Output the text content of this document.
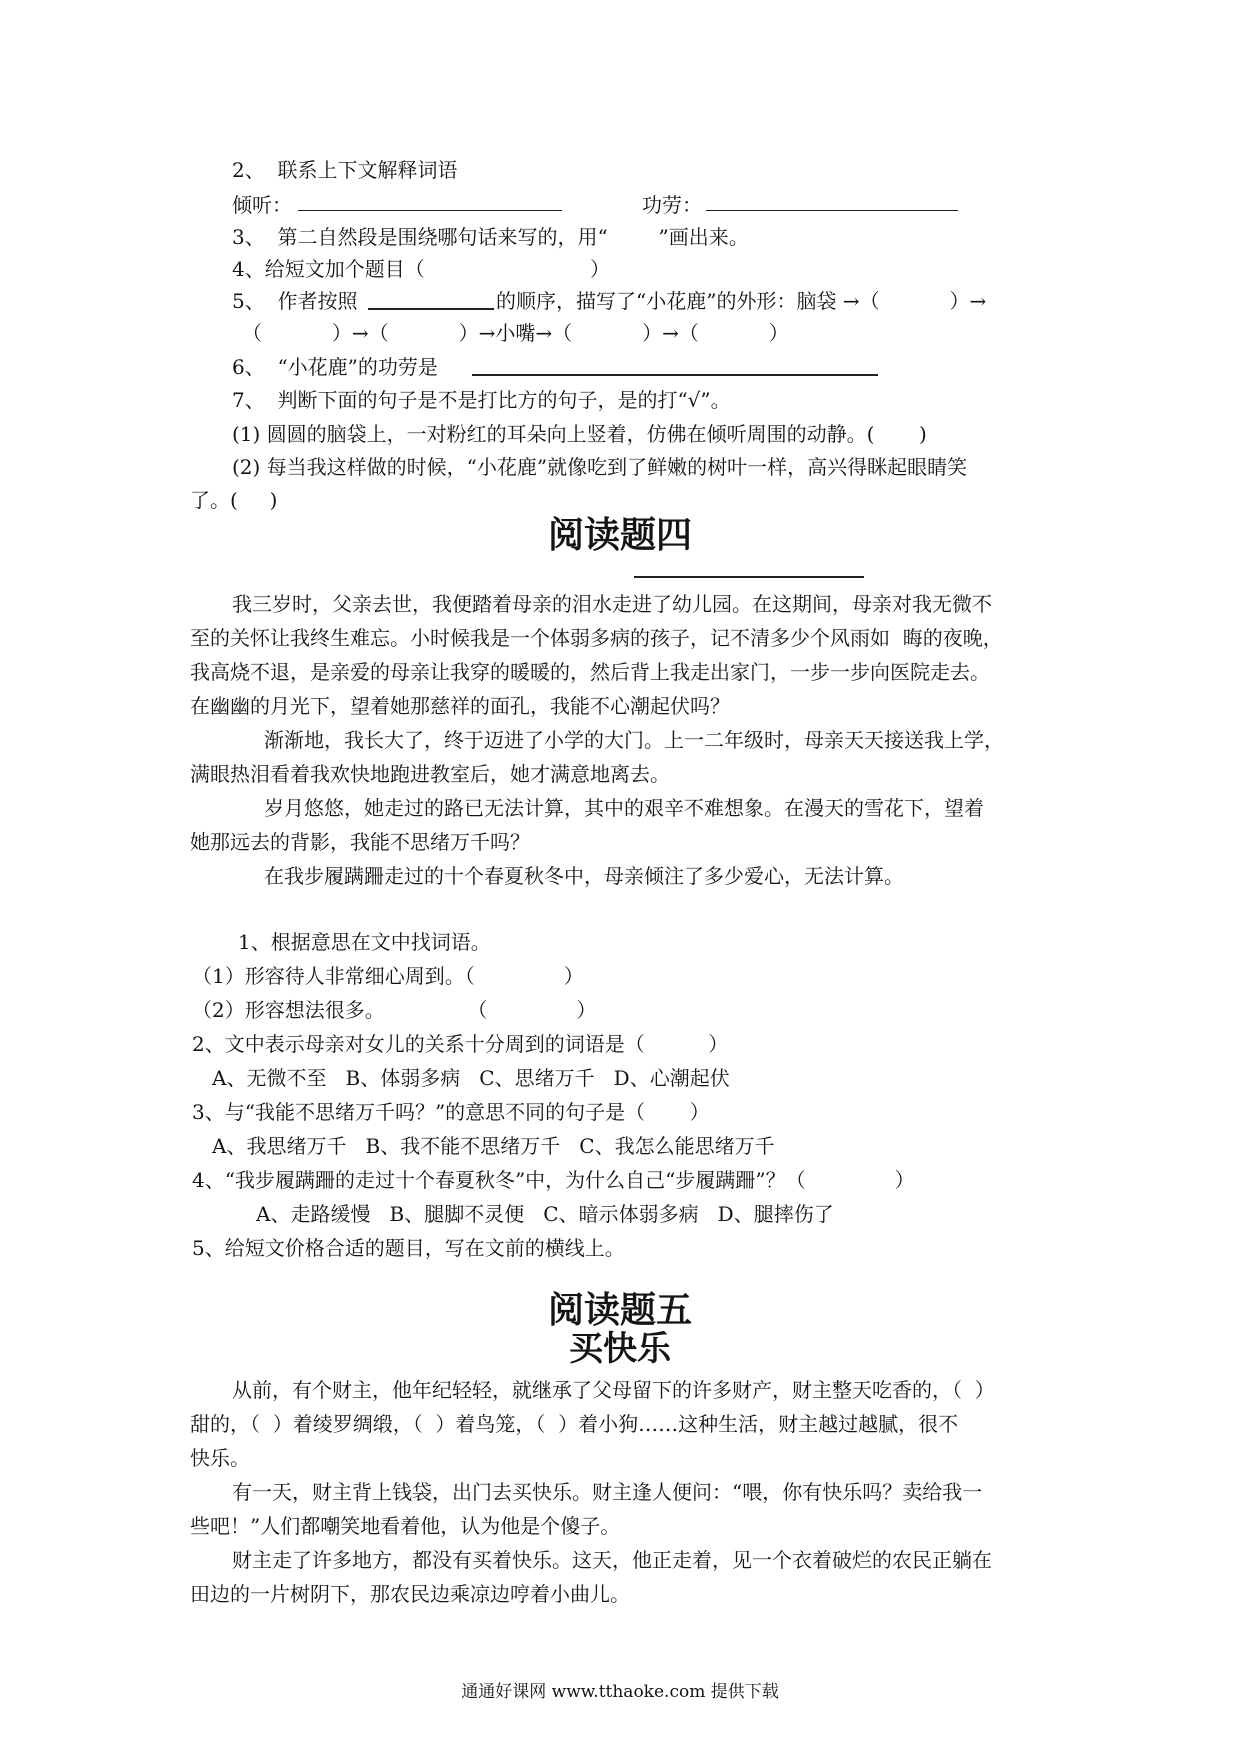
2、  联系上下文解释词语
倾听：	功劳：
3、  第二自然段是围绕哪句话来写的，用“        ”画出来。
4、给短文加个题目（                          ）
5、  作者按照	的顺序，描写了“小花鹿”的外形：脑袋 →（           ）→
（           ）→（           ）→小嘴→（           ）→（           ）
6、  “小花鹿”的功劳是
7、  判断下面的句子是不是打比方的句子，是的打“√”。
(1) 圆圆的脑袋上，一对粉红的耳朵向上竖着，仿佛在倾听周围的动静。(       )
(2) 每当我这样做的时候，“小花鹿”就像吃到了鲜嫩的树叶一样，高兴得眯起眼睛笑
了。(     )
阅读题四
我三岁时，父亲去世，我便踏着母亲的泪水走进了幼儿园。在这期间，母亲对我无微不
至的关怀让我终生难忘。小时候我是一个体弱多病的孩子，记不清多少个风雨如  晦的夜晚，
我高烧不退，是亲爱的母亲让我穿的暖暖的，然后背上我走出家门，一步一步向医院走去。
在幽幽的月光下，望着她那慈祥的面孔，我能不心潮起伏吗？
渐渐地，我长大了，终于迈进了小学的大门。上一二年级时，母亲天天接送我上学，
满眼热泪看着我欢快地跑进教室后，她才满意地离去。
岁月悠悠，她走过的路已无法计算，其中的艰辛不难想象。在漫天的雪花下，望着
她那远去的背影，我能不思绪万千吗？
在我步履蹒跚走过的十个春夏秋冬中，母亲倾注了多少爱心，无法计算。
1、根据意思在文中找词语。
（1）形容待人非常细心周到。（              ）
（2）形容想法很多。             （              ）
2、文中表示母亲对女儿的关系十分周到的词语是（          ）
A、无微不至   B、体弱多病   C、思绪万千   D、心潮起伏
3、与“我能不思绪万千吗？”的意思不同的句子是（       ）
A、我思绪万千   B、我不能不思绪万千   C、我怎么能思绪万千
4、“我步履蹒跚的走过十个春夏秋冬”中，为什么自己“步履蹒跚”？（              ）
A、走路缓慢   B、腿脚不灵便   C、暗示体弱多病   D、腿摔伤了
5、给短文价格合适的题目，写在文前的横线上。
阅读题五
买快乐
从前，有个财主，他年纪轻轻，就继承了父母留下的许多财产，财主整天吃香的，（  ）
甜的，（  ）着绫罗绸缎，（  ）着鸟笼，（  ）着小狗……这种生活，财主越过越腻，很不
快乐。
有一天，财主背上钱袋，出门去买快乐。财主逢人便问：“喂，你有快乐吗？卖给我一
些吧！”人们都嘲笑地看着他，认为他是个傻子。
财主走了许多地方，都没有买着快乐。这天，他正走着，见一个衣着破烂的农民正躺在
田边的一片树阴下，那农民边乘凉边哼着小曲儿。
通通好课网 www.tthaoke.com 提供下载
